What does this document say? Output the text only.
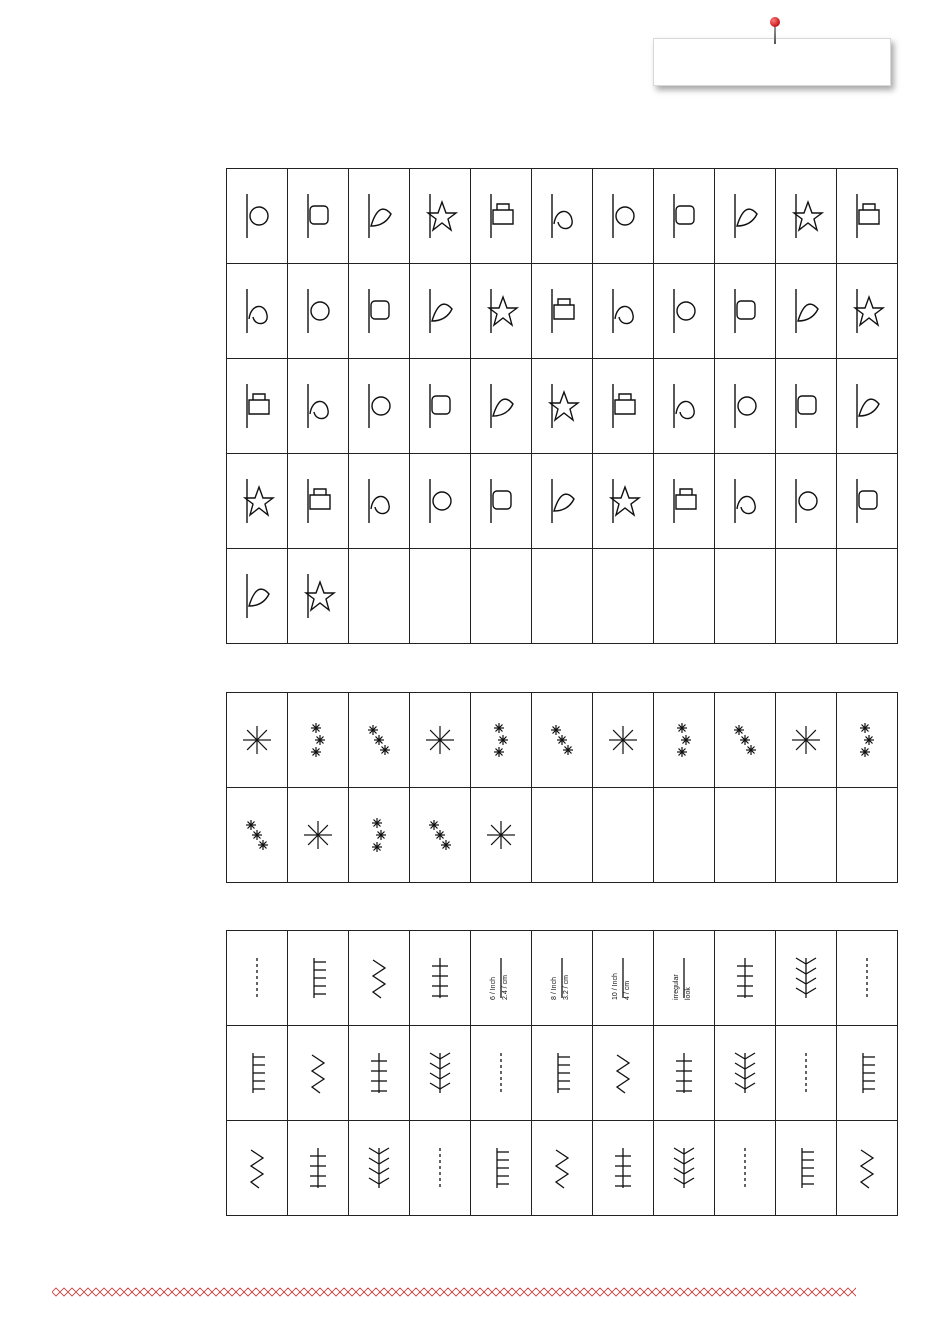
6 / Inch 2.4 / cm	8 / Inch 3.2 / cm	10 / Inch 4 / cm	irregular look
